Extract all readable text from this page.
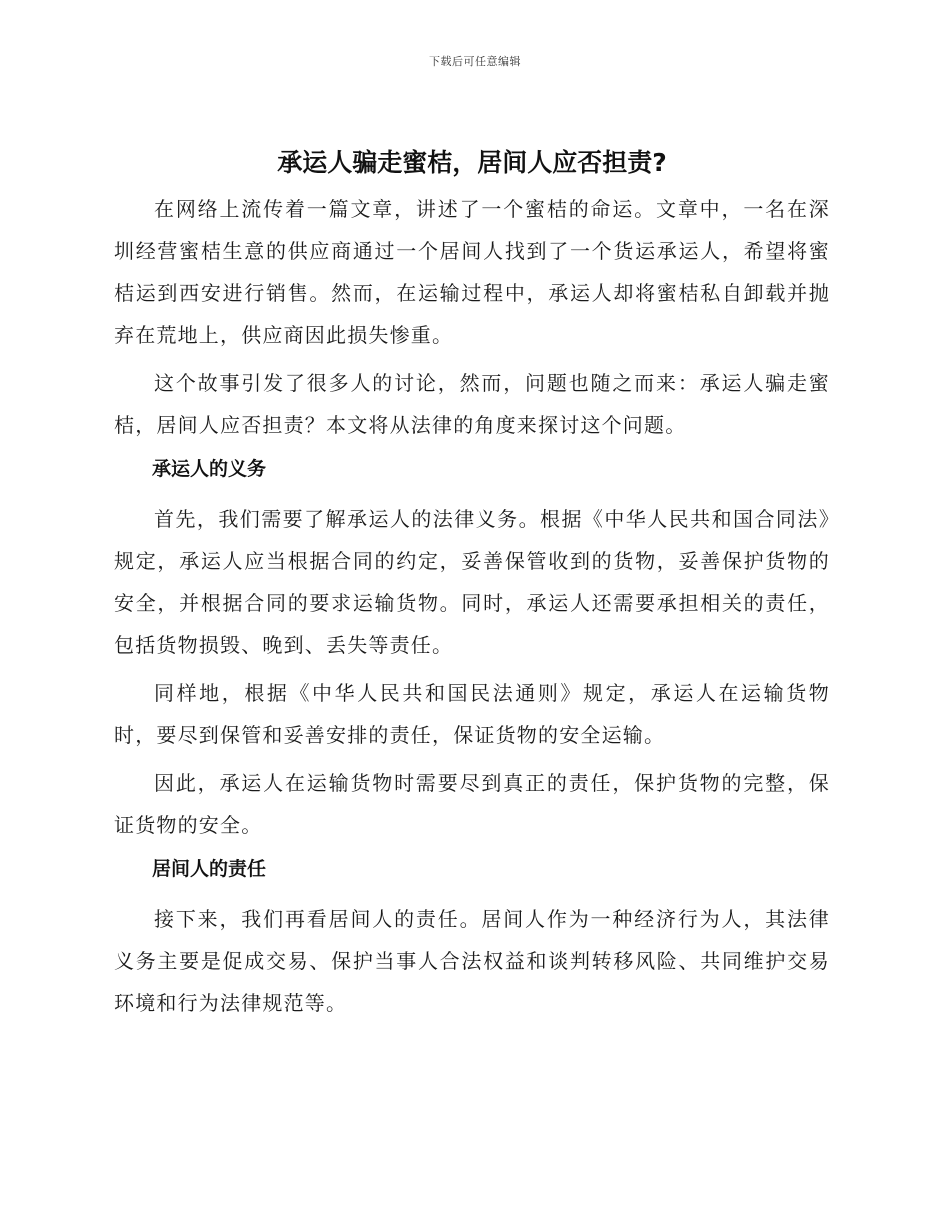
下载后可任意编辑
承运人骗走蜜桔，居间人应否担责?

在网络上流传着一篇文章，讲述了一个蜜桔的命运。文章中，一名在深圳经营蜜桔生意的供应商通过一个居间人找到了一个货运承运人，希望将蜜桔运到西安进行销售。然而，在运输过程中，承运人却将蜜桔私自卸载并抛弃在荒地上，供应商因此损失惨重。

这个故事引发了很多人的讨论，然而，问题也随之而来：承运人骗走蜜桔，居间人应否担责？本文将从法律的角度来探讨这个问题。

承运人的义务

首先，我们需要了解承运人的法律义务。根据《中华人民共和国合同法》规定，承运人应当根据合同的约定，妥善保管收到的货物，妥善保护货物的安全，并根据合同的要求运输货物。同时，承运人还需要承担相关的责任，包括货物损毁、晚到、丢失等责任。

同样地，根据《中华人民共和国民法通则》规定，承运人在运输货物时，要尽到保管和妥善安排的责任，保证货物的安全运输。

因此，承运人在运输货物时需要尽到真正的责任，保护货物的完整，保证货物的安全。

居间人的责任

接下来，我们再看居间人的责任。居间人作为一种经济行为人，其法律义务主要是促成交易、保护当事人合法权益和谈判转移风险、共同维护交易环境和行为法律规范等。
